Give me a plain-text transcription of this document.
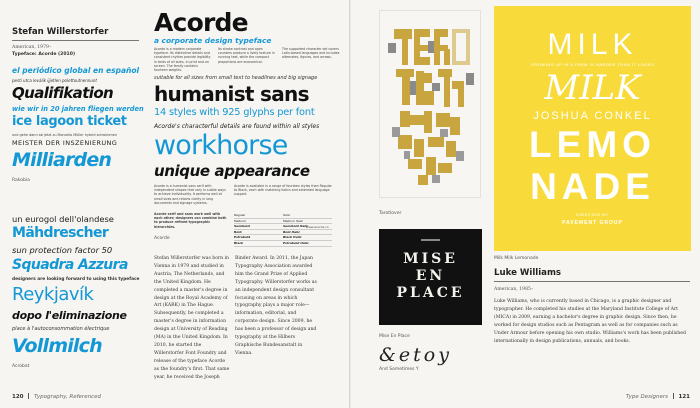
Stefan Willerstorfer
American, 1979–
Typeface: Acorde (2010)
el periódico global en español
pesti utca leválik ijjetlen polettoutnennunt
Qualifikation
wie wir in 20 jahren fliegen werden
ice lagoon ticket
und gehe dann ab jetzt zu Maruella Müller hybrid schwimmen
MEISTER DER INSZENIERUNG
Milliarden
Rakobia
un eurogol dell'olandese
Mähdrescher
sun protection factor 50
Squadra Azzura
designers are looking forward to using this typeface
Reykjavík
dopo l'eliminazione
place à l'autoconsommation électrique
Vollmilch
Acrobat
Acorde
a corporate design typeface
Acorde is a modern corporate typeface. Its distinctive details and consistent rhythm provide legibility in texts of all sizes, in print and on screen. The family contains fourteen weights.
Its stroke contrast and open counters produce a lively texture in running text, while the compact proportions are economical.
The supported character set covers Latin-based languages and includes alternates, figures, and arrows.
suitable for all sizes from small text to headlines and big signage
humanist sans
14 styles with 925 glyphs per font
Acorde's characterful details are found within all styles
workhorse
unique appearance
Acorde is a humanist sans serif with independent shapes that vary in subtle ways to achieve individuality. It performs well at small sizes and retains clarity in long documents and signage systems.
Acorde serif and sans work well with each other; designers can combine both to produce refined typographic hierarchies.
Acorde is available in a range of fourteen styles from Regular to Black, each with matching italics and extended language support.
Regular	Italic
Medium	Medium Italic
Semibold	Semibold Italic
Bold	Bold Italic
Extrabold	Black Italic
Black	Extrabold Italic
www.acorde.co
Acorde
Stefan Willerstorfer was born in Vienna in 1979 and studied in Austria, The Netherlands, and the United Kingdom. He completed a master's degree in design at the Royal Academy of Art (KABK) in The Hague. Subsequently, he completed a master's degree in information design at University of Reading (MA) in the United Kingdom. In 2010, he started the Willerstorfer Font Foundry and release of the typeface Acorde as the foundry's first. That same year, he received the Joseph
Binder Award. In 2011, the Japan Typography Association awarded him the Grand Prize of Applied Typography. Willerstorfer works as an independent design consultant focusing on areas in which typography plays a major role—information, editorial, and corporate design. Since 2009, he has been a professor of design and typography at the Hilbers Graphische Bundesanstalt in Vienna.
120 Typography, Referenced
Tarotlover
MISE
EN
PLACE
Mise En Place
&etoy
And Sometimes Y
MILK
GROWING UP IN A FARM IS HARDER THAN IT LOOKS
MILK
JOSHUA CONKEL
LEMO
NADE
DIRECTED BY
PAVEMENT GROUP
Milk Milk Lemonade
Luke Williams
American, 1985–
Luke Williams, who is currently based in Chicago, is a graphic designer and typographer. He completed his studies at the Maryland Institute College of Art (MICA) in 2009, earning a bachelor's degree in graphic design. Since then, he worked for design studios such as Pentagram as well as for companies such as Under Armour before opening his own studio. Williams's work has been published internationally in design publications, annuals, and books.
Type Designers 121
